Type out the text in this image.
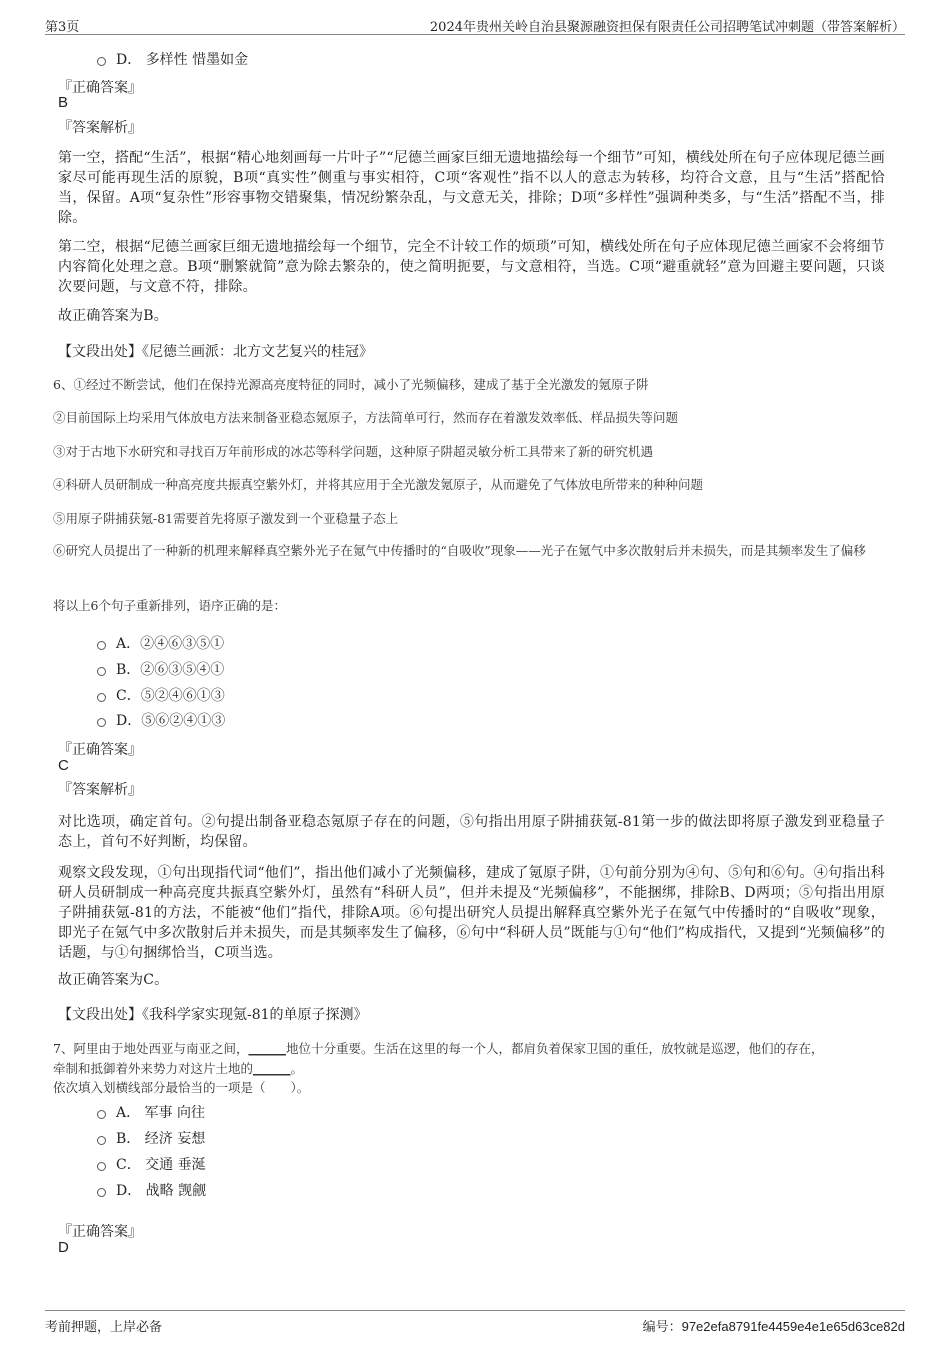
第3页	2024年贵州关岭自治县聚源融资担保有限责任公司招聘笔试冲刺题（带答案解析）
D． 多样性 惜墨如金
『正确答案』
B
『答案解析』
第一空，搭配“生活”，根据“精心地刻画每一片叶子”“尼德兰画家巨细无遗地描绘每一个细节”可知，横线处所在句子应体现尼德兰画家尽可能再现生活的原貌，B项“真实性”侧重与事实相符，C项“客观性”指不以人的意志为转移，均符合文意，且与“生活”搭配恰当，保留。A项“复杂性”形容事物交错聚集，情况纷繁杂乱，与文意无关，排除；D项“多样性”强调种类多，与“生活”搭配不当，排除。
第二空，根据“尼德兰画家巨细无遗地描绘每一个细节，完全不计较工作的烦琐”可知，横线处所在句子应体现尼德兰画家不会将细节内容简化处理之意。B项“删繁就简”意为除去繁杂的，使之简明扼要，与文意相符，当选。C项“避重就轻”意为回避主要问题，只谈次要问题，与文意不符，排除。
故正确答案为B。
【文段出处】《尼德兰画派：北方文艺复兴的桂冠》
6、①经过不断尝试，他们在保持光源高亮度特征的同时，减小了光频偏移，建成了基于全光激发的氪原子阱
②目前国际上均采用气体放电方法来制备亚稳态氪原子，方法简单可行，然而存在着激发效率低、样品损失等问题
③对于古地下水研究和寻找百万年前形成的冰芯等科学问题，这种原子阱超灵敏分析工具带来了新的研究机遇
④科研人员研制成一种高亮度共振真空紫外灯，并将其应用于全光激发氪原子，从而避免了气体放电所带来的种种问题
⑤用原子阱捕获氪-81需要首先将原子激发到一个亚稳量子态上
⑥研究人员提出了一种新的机理来解释真空紫外光子在氪气中传播时的“自吸收”现象——光子在氪气中多次散射后并未损失，而是其频率发生了偏移
将以上6个句子重新排列，语序正确的是：
A．②④⑥③⑤①
B．②⑥③⑤④①
C．⑤②④⑥①③
D．⑤⑥②④①③
『正确答案』
C
『答案解析』
对比选项，确定首句。②句提出制备亚稳态氪原子存在的问题，⑤句指出用原子阱捕获氪-81第一步的做法即将原子激发到亚稳量子态上，首句不好判断，均保留。
观察文段发现，①句出现指代词“他们”，指出他们减小了光频偏移，建成了氪原子阱，①句前分别为④句、⑤句和⑥句。④句指出科研人员研制成一种高亮度共振真空紫外灯，虽然有“科研人员”，但并未提及“光频偏移”，不能捆绑，排除B、D两项；⑤句指出用原子阱捕获氪-81的方法，不能被“他们”指代，排除A项。⑥句提出研究人员提出解释真空紫外光子在氪气中传播时的“自吸收”现象，即光子在氪气中多次散射后并未损失，而是其频率发生了偏移，⑥句中“科研人员”既能与①句“他们”构成指代，又提到“光频偏移”的话题，与①句捆绑恰当，C项当选。
故正确答案为C。
【文段出处】《我科学家实现氪-81的单原子探测》
7、阿里由于地处西亚与南亚之间，______地位十分重要。生活在这里的每一个人，都肩负着保家卫国的重任，放牧就是巡逻，他们的存在，
牵制和抵御着外来势力对这片土地的______。
依次填入划横线部分最恰当的一项是（　　）。
A． 军事 向往
B． 经济 妄想
C． 交通 垂涎
D． 战略 觊觎
『正确答案』
D
考前押题，上岸必备	编号：97e2efa8791fe4459e4e1e65d63ce82d
